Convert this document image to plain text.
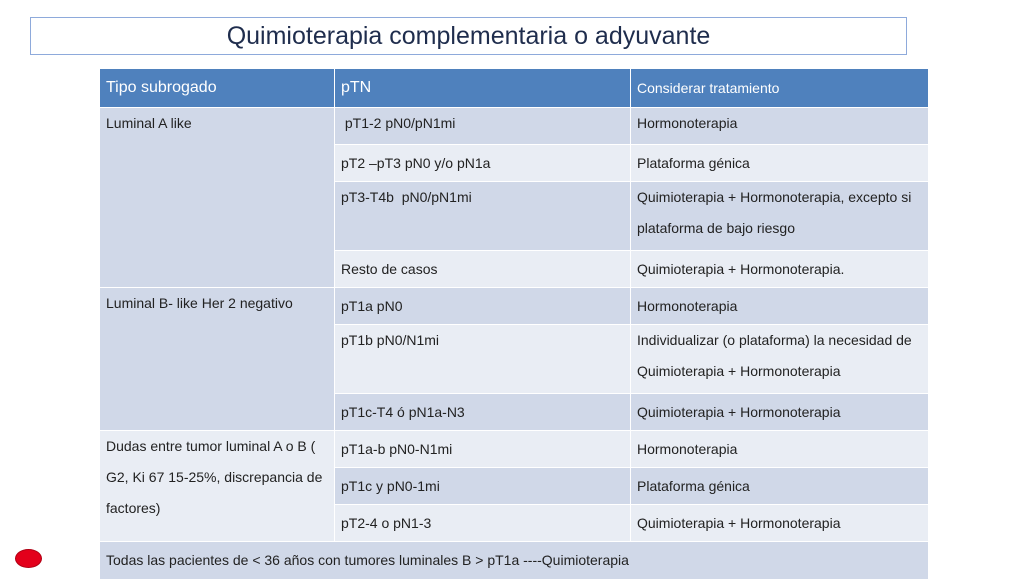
Quimioterapia complementaria o adyuvante
Tipo subrogado	pTN	Considerar tratamiento
Luminal A like	pT1-2 pN0/pN1mi	Hormonoterapia
	pT2 –pT3 pN0 y/o pN1a	Plataforma génica
	pT3-T4b  pN0/pN1mi	Quimioterapia + Hormonoterapia, excepto si plataforma de bajo riesgo
	Resto de casos	Quimioterapia + Hormonoterapia.
Luminal B- like Her 2 negativo	pT1a pN0	Hormonoterapia
	pT1b pN0/N1mi	Individualizar (o plataforma) la necesidad de Quimioterapia + Hormonoterapia
	pT1c-T4 ó pN1a-N3	Quimioterapia + Hormonoterapia
Dudas entre tumor luminal A o B ( G2, Ki 67 15-25%, discrepancia de factores)	pT1a-b pN0-N1mi	Hormonoterapia
	pT1c y pN0-1mi	Plataforma génica
	pT2-4 o pN1-3	Quimioterapia + Hormonoterapia
Todas las pacientes de < 36 años con tumores luminales B > pT1a ----Quimioterapia		
